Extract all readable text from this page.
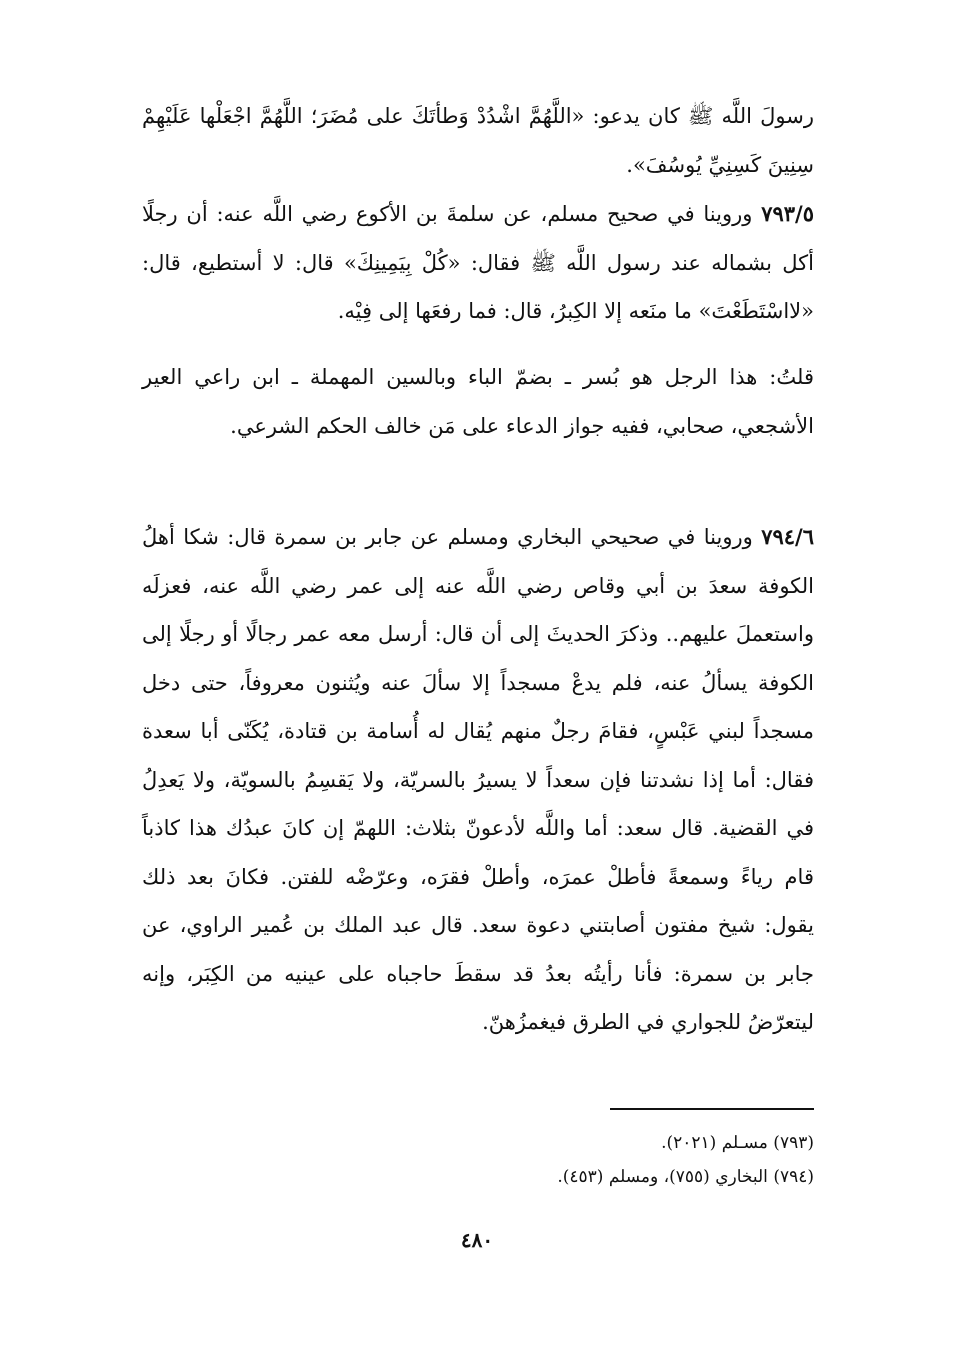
رسولَ اللَّه ﷺ كان يدعو: «اللَّهُمَّ اشْدُدْ وَطأتَكَ على مُضَرَ؛ اللَّهُمَّ اجْعَلْها عَلَيْهِمْ سِنِينَ كَسِنِيِّ يُوسُفَ».

٧٩٣/٥ وروينا في صحيح مسلم، عن سلمةَ بن الأكوع رضي اللَّه عنه: أن رجلًا أكل بشماله عند رسول اللَّه ﷺ فقال: «كُلْ بِيَمِينِكَ» قال: لا أستطيع، قال: «لااسْتَطَعْتَ» ما منَعه إلا الكِبرُ، قال: فما رفعَها إلى فِيْه.

قلتُ: هذا الرجل هو بُسر ـ بضمّ الباء وبالسين المهملة ـ ابن راعي العير الأشجعي، صحابي، ففيه جواز الدعاء على مَن خالف الحكم الشرعي.

٧٩٤/٦ وروينا في صحيحي البخاري ومسلم عن جابر بن سمرة قال: شكا أهلُ الكوفة سعدَ بن أبي وقاص رضي اللَّه عنه إلى عمر رضي اللَّه عنه، فعزلَه واستعملَ عليهم.. وذكرَ الحديثَ إلى أن قال: أرسل معه عمر رجالًا أو رجلًا إلى الكوفة يسألُ عنه، فلم يدعْ مسجداً إلا سألَ عنه ويُثنون معروفاً، حتى دخل مسجداً لبني عَبْسٍ، فقامَ رجلٌ منهم يُقال له أُسامة بن قتادة، يُكَنّى أبا سعدة فقال: أما إذا نشدتنا فإن سعداً لا يسيرُ بالسريّة، ولا يَقسِمُ بالسويّة، ولا يَعدِلُ في القضية. قال سعد: أما واللَّه لأدعونّ بثلاث: اللهمّ إن كانَ عبدُك هذا كاذباً قام رياءً وسمعةً فأطلْ عمرَه، وأطلْ فقرَه، وعرّضْه للفتن. فكانَ بعد ذلك يقول: شيخ مفتون أصابتني دعوة سعد. قال عبد الملك بن عُمير الراوي، عن جابر بن سمرة: فأنا رأيتُه بعدُ قد سقطَ حاجباه على عينيه من الكِبَر، وإنه ليتعرّضُ للجواري في الطرق فيغمزُهنّ.

(٧٩٣) مسـلم (٢٠٢١).
(٧٩٤) البخاري (٧٥٥)، ومسلم (٤٥٣).
٤٨٠
